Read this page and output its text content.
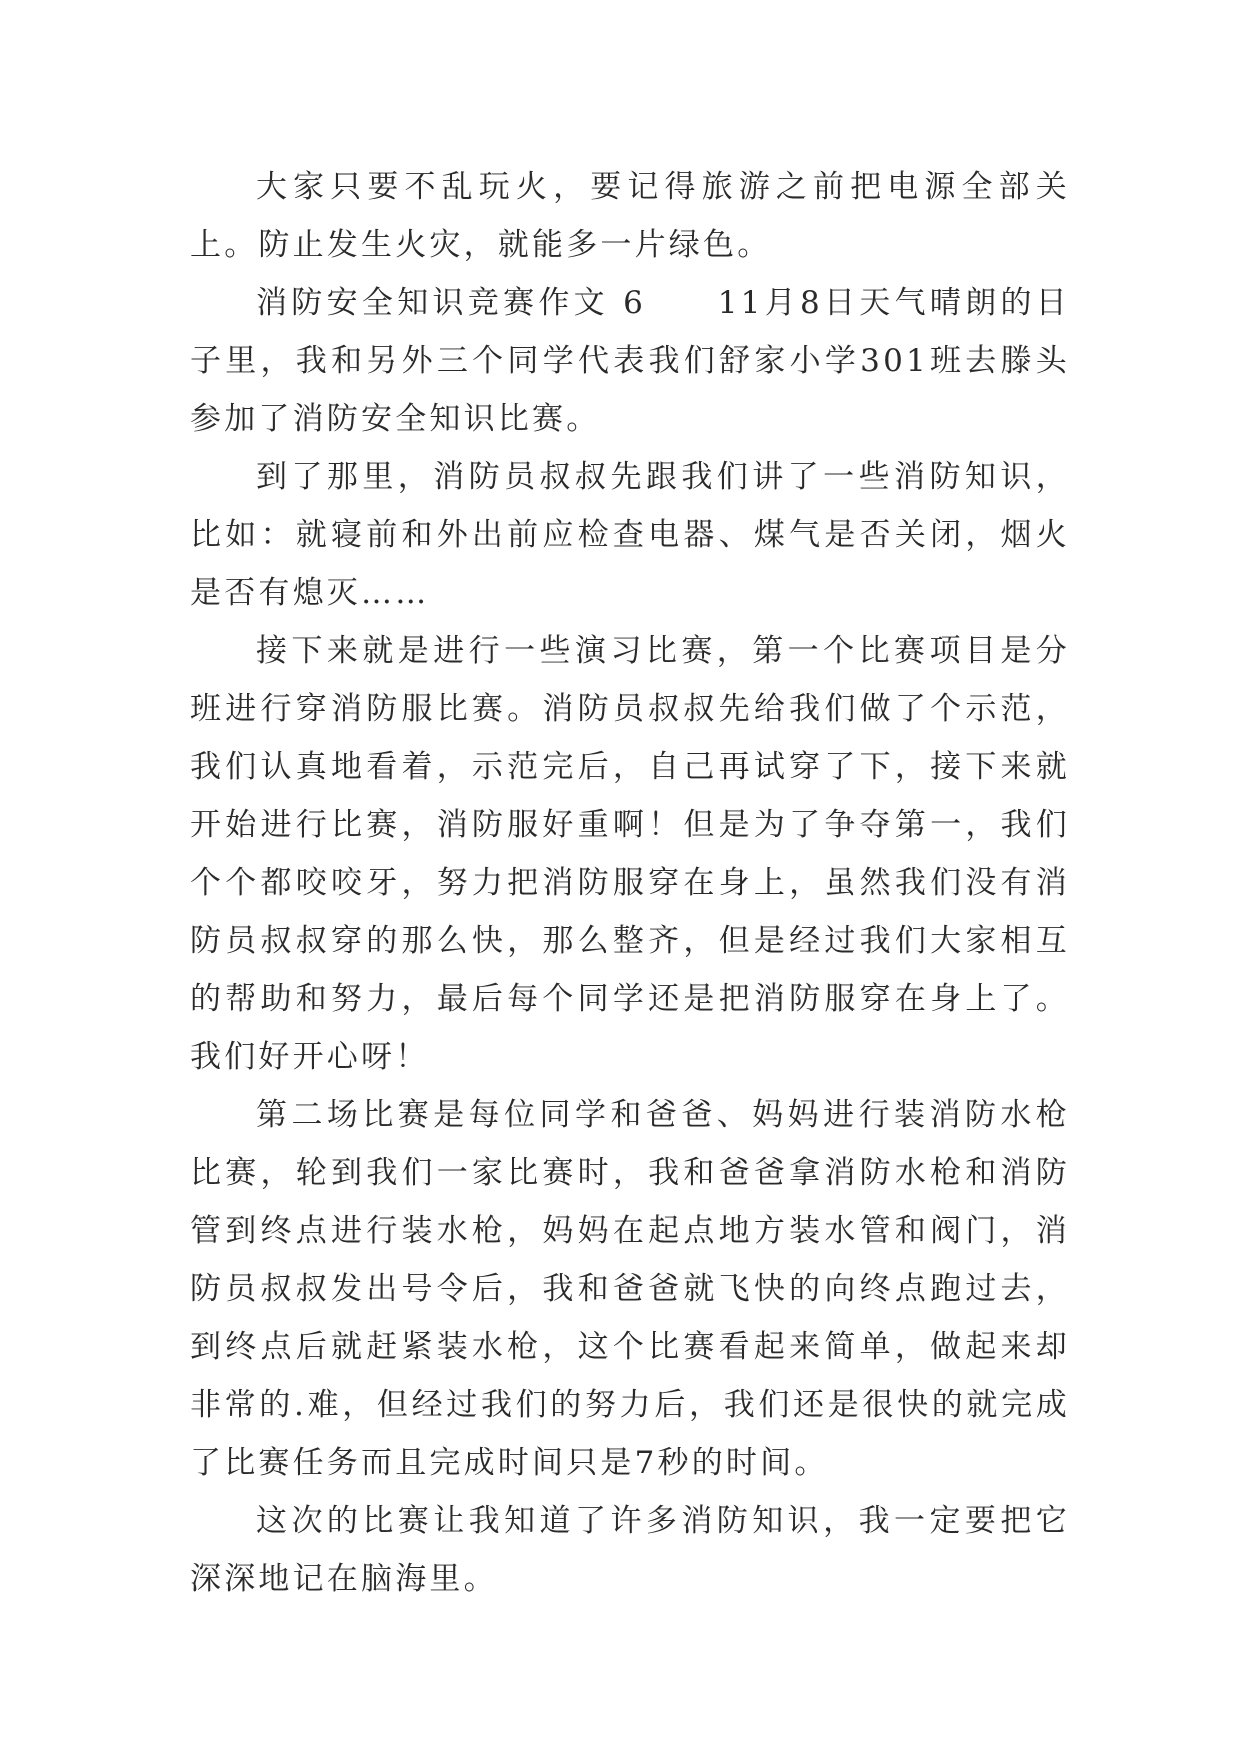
大家只要不乱玩火，要记得旅游之前把电源全部关上。防止发生火灾，就能多一片绿色。

消防安全知识竞赛作文 6　　11月8日天气晴朗的日子里，我和另外三个同学代表我们舒家小学301班去滕头参加了消防安全知识比赛。

到了那里，消防员叔叔先跟我们讲了一些消防知识，比如：就寝前和外出前应检查电器、煤气是否关闭，烟火是否有熄灭……

接下来就是进行一些演习比赛，第一个比赛项目是分班进行穿消防服比赛。消防员叔叔先给我们做了个示范，我们认真地看着，示范完后，自己再试穿了下，接下来就开始进行比赛，消防服好重啊！但是为了争夺第一，我们个个都咬咬牙，努力把消防服穿在身上，虽然我们没有消防员叔叔穿的那么快，那么整齐，但是经过我们大家相互的帮助和努力，最后每个同学还是把消防服穿在身上了。我们好开心呀！

第二场比赛是每位同学和爸爸、妈妈进行装消防水枪比赛，轮到我们一家比赛时，我和爸爸拿消防水枪和消防管到终点进行装水枪，妈妈在起点地方装水管和阀门，消防员叔叔发出号令后，我和爸爸就飞快的向终点跑过去，到终点后就赶紧装水枪，这个比赛看起来简单，做起来却非常的.难，但经过我们的努力后，我们还是很快的就完成了比赛任务而且完成时间只是7秒的时间。

这次的比赛让我知道了许多消防知识，我一定要把它深深地记在脑海里。
